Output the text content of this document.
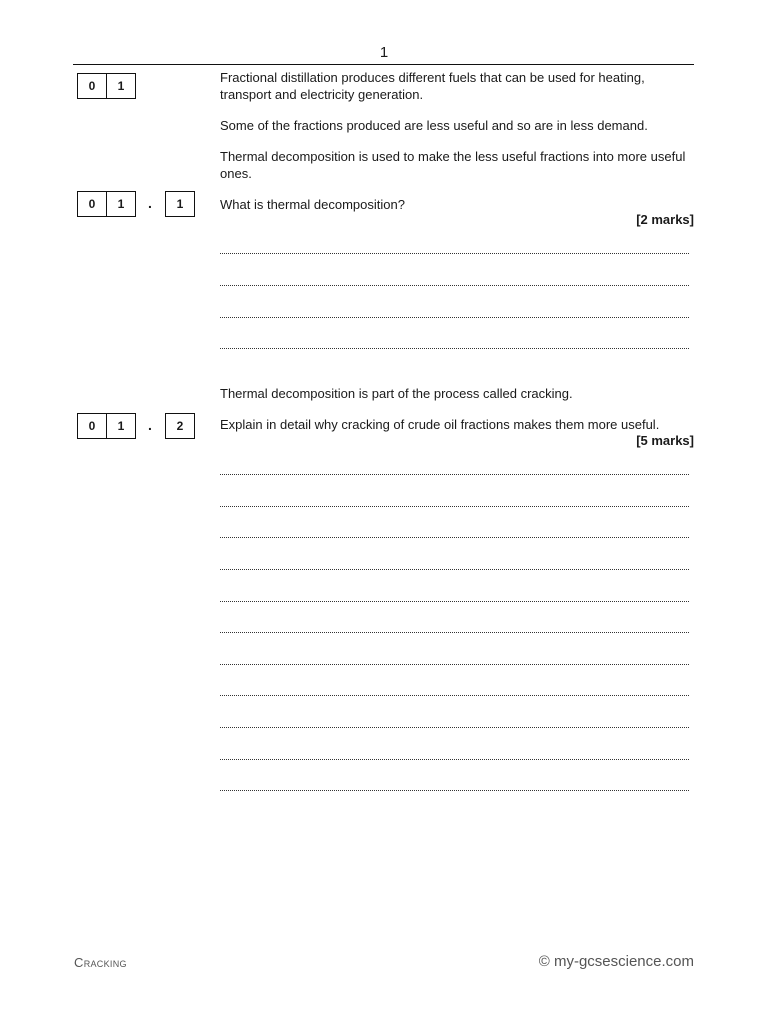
1
0	1
Fractional distillation produces different fuels that can be used for heating, transport and electricity generation.
Some of the fractions produced are less useful and so are in less demand.
Thermal decomposition is used to make the less useful fractions into more useful ones.
0	1	.	1	What is thermal decomposition?
[2 marks]
Thermal decomposition is part of the process called cracking.
0	1	.	2	Explain in detail why cracking of crude oil fractions makes them more useful.
[5 marks]
Cracking	© my-gcsescience.com
